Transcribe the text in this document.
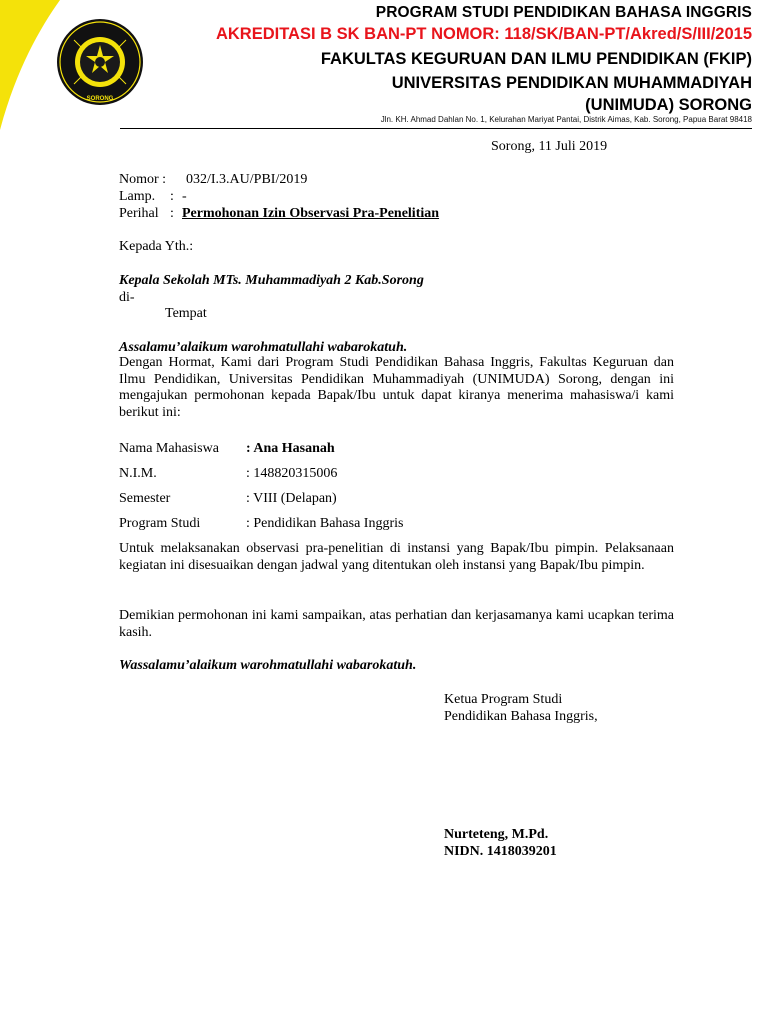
SORONG
PROGRAM STUDI PENDIDIKAN BAHASA INGGRIS
AKREDITASI B SK BAN-PT NOMOR: 118/SK/BAN-PT/Akred/S/III/2015
FAKULTAS KEGURUAN DAN ILMU PENDIDIKAN (FKIP)
UNIVERSITAS PENDIDIKAN MUHAMMADIYAH
(UNIMUDA) SORONG
Jln. KH. Ahmad Dahlan No. 1, Kelurahan Mariyat Pantai, Distrik Aimas, Kab. Sorong, Papua Barat 98418
Sorong, 11 Juli 2019
Nomor : 032/I.3.AU/PBI/2019
Lamp. : -
Perihal : Permohonan Izin Observasi Pra-Penelitian
Kepada Yth.:
Kepala Sekolah MTs. Muhammadiyah 2 Kab.Sorong
di-
Tempat
Assalamu’alaikum warohmatullahi wabarokatuh.
Dengan Hormat, Kami dari Program Studi Pendidikan Bahasa Inggris, Fakultas Keguruan dan Ilmu Pendidikan, Universitas Pendidikan Muhammadiyah (UNIMUDA) Sorong, dengan ini mengajukan permohonan kepada Bapak/Ibu untuk dapat kiranya menerima mahasiswa/i kami berikut ini:
Nama Mahasiswa : Ana Hasanah
N.I.M.	: 148820315006
Semester	: VIII (Delapan)
Program Studi	: Pendidikan Bahasa Inggris
Untuk melaksanakan observasi pra-penelitian di instansi yang Bapak/Ibu pimpin. Pelaksanaan kegiatan ini disesuaikan dengan jadwal yang ditentukan oleh instansi yang Bapak/Ibu pimpin.
Demikian permohonan ini kami sampaikan, atas perhatian dan kerjasamanya kami ucapkan terima kasih.
Wassalamu’alaikum warohmatullahi wabarokatuh.
Ketua Program Studi
Pendidikan Bahasa Inggris,
Nurteteng, M.Pd.
NIDN. 1418039201
